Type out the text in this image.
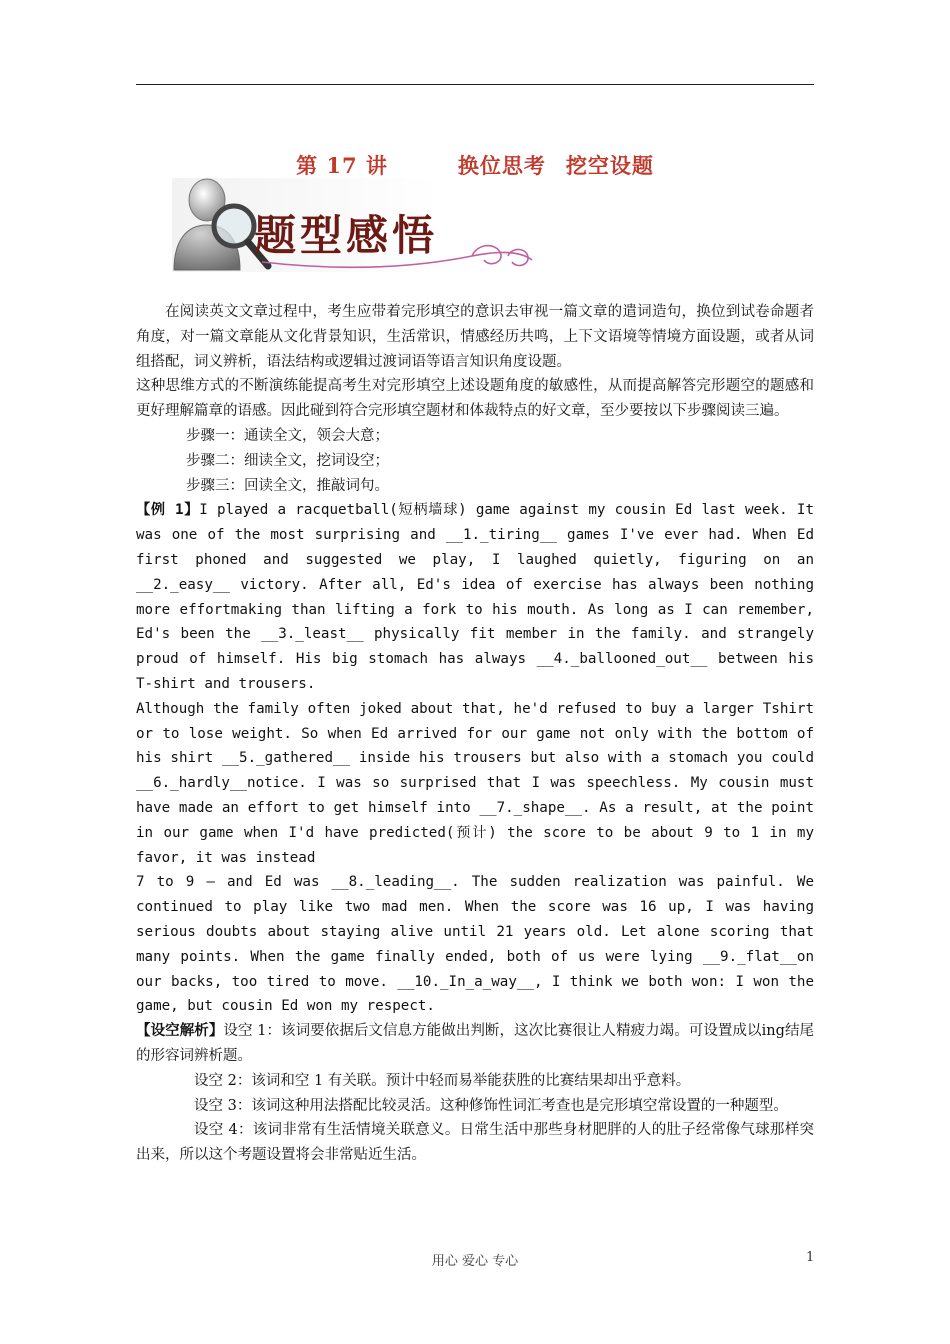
第 17 讲	换位思考 挖空设题
题型感悟

在阅读英文文章过程中，考生应带着完形填空的意识去审视一篇文章的遣词造句，换位到试卷命题者角度，对一篇文章能从文化背景知识，生活常识，情感经历共鸣，上下文语境等情境方面设题，或者从词组搭配，词义辨析，语法结构或逻辑过渡词语等语言知识角度设题。

这种思维方式的不断演练能提高考生对完形填空上述设题角度的敏感性，从而提高解答完形题空的题感和更好理解篇章的语感。因此碰到符合完形填空题材和体裁特点的好文章，至少要按以下步骤阅读三遍。

步骤一：通读全文，领会大意；

步骤二：细读全文，挖词设空；

步骤三：回读全文，推敲词句。

【例 1】I played a racquetball(短柄墙球) game against my cousin Ed last week. It was one of the most surprising and __1._tiring__ games I've ever had. When Ed first phoned and suggested we play, I laughed quietly, figuring on an __2._easy__ victory. After all, Ed's idea of exercise has always been nothing more effortmaking than lifting a fork to his mouth. As long as I can remember, Ed's been the __3._least__ physically fit member in the family. and strangely proud of himself. His big stomach has always __4._ballooned_out__ between his T-shirt and trousers.

Although the family often joked about that, he'd refused to buy a larger Tshirt or to lose weight. So when Ed arrived for our game not only with the bottom of his shirt __5._gathered__ inside his trousers but also with a stomach you could __6._hardly__notice. I was so surprised that I was speechless. My cousin must have made an effort to get himself into __7._shape__. As a result, at the point in our game when I'd have predicted(预计) the score to be about 9 to 1 in my favor, it was instead

7 to 9 — and Ed was __8._leading__. The sudden realization was painful. We continued to play like two mad men. When the score was 16 up, I was having serious doubts about staying alive until 21 years old. Let alone scoring that many points. When the game finally ended, both of us were lying __9._flat__on our backs, too tired to move. __10._In_a_way__, I think we both won: I won the game, but cousin Ed won my respect.

【设空解析】设空 1：该词要依据后文信息方能做出判断，这次比赛很让人精疲力竭。可设置成以ing结尾的形容词辨析题。

设空 2：该词和空 1 有关联。预计中轻而易举能获胜的比赛结果却出乎意料。

设空 3：该词这种用法搭配比较灵活。这种修饰性词汇考查也是完形填空常设置的一种题型。

设空 4：该词非常有生活情境关联意义。日常生活中那些身材肥胖的人的肚子经常像气球那样突出来，所以这个考题设置将会非常贴近生活。

用心 爱心 专心	1
